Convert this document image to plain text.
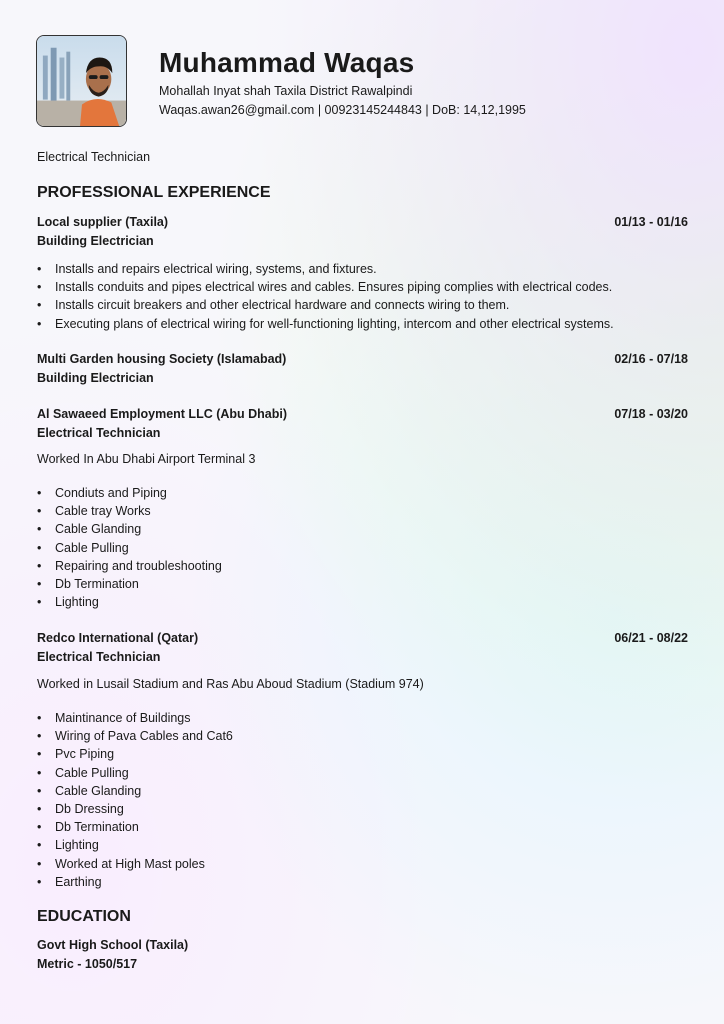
Muhammad Waqas
Mohallah Inyat shah Taxila District Rawalpindi
Waqas.awan26@gmail.com | 00923145244843 | DoB: 14,12,1995
Electrical Technician
PROFESSIONAL EXPERIENCE
Local supplier (Taxila)	01/13 - 01/16
Building Electrician
• Installs and repairs electrical wiring, systems, and fixtures.
• Installs conduits and pipes electrical wires and cables. Ensures piping complies with electrical codes.
• Installs circuit breakers and other electrical hardware and connects wiring to them.
• Executing plans of electrical wiring for well-functioning lighting, intercom and other electrical systems.
Multi Garden housing Society (Islamabad)	02/16 - 07/18
Building Electrician
Al Sawaeed Employment LLC (Abu Dhabi)	07/18 - 03/20
Electrical Technician
Worked In Abu Dhabi Airport Terminal 3
• Condiuts and Piping
• Cable tray Works
• Cable Glanding
• Cable Pulling
• Repairing and troubleshooting
• Db Termination
• Lighting
Redco International (Qatar)	06/21 - 08/22
Electrical Technician
Worked in Lusail Stadium and Ras Abu Aboud Stadium (Stadium 974)
• Maintinance of Buildings
• Wiring of Pava Cables and Cat6
• Pvc Piping
• Cable Pulling
• Cable Glanding
• Db Dressing
• Db Termination
• Lighting
• Worked at High Mast poles
• Earthing
EDUCATION
Govt High School (Taxila)
Metric - 1050/517
